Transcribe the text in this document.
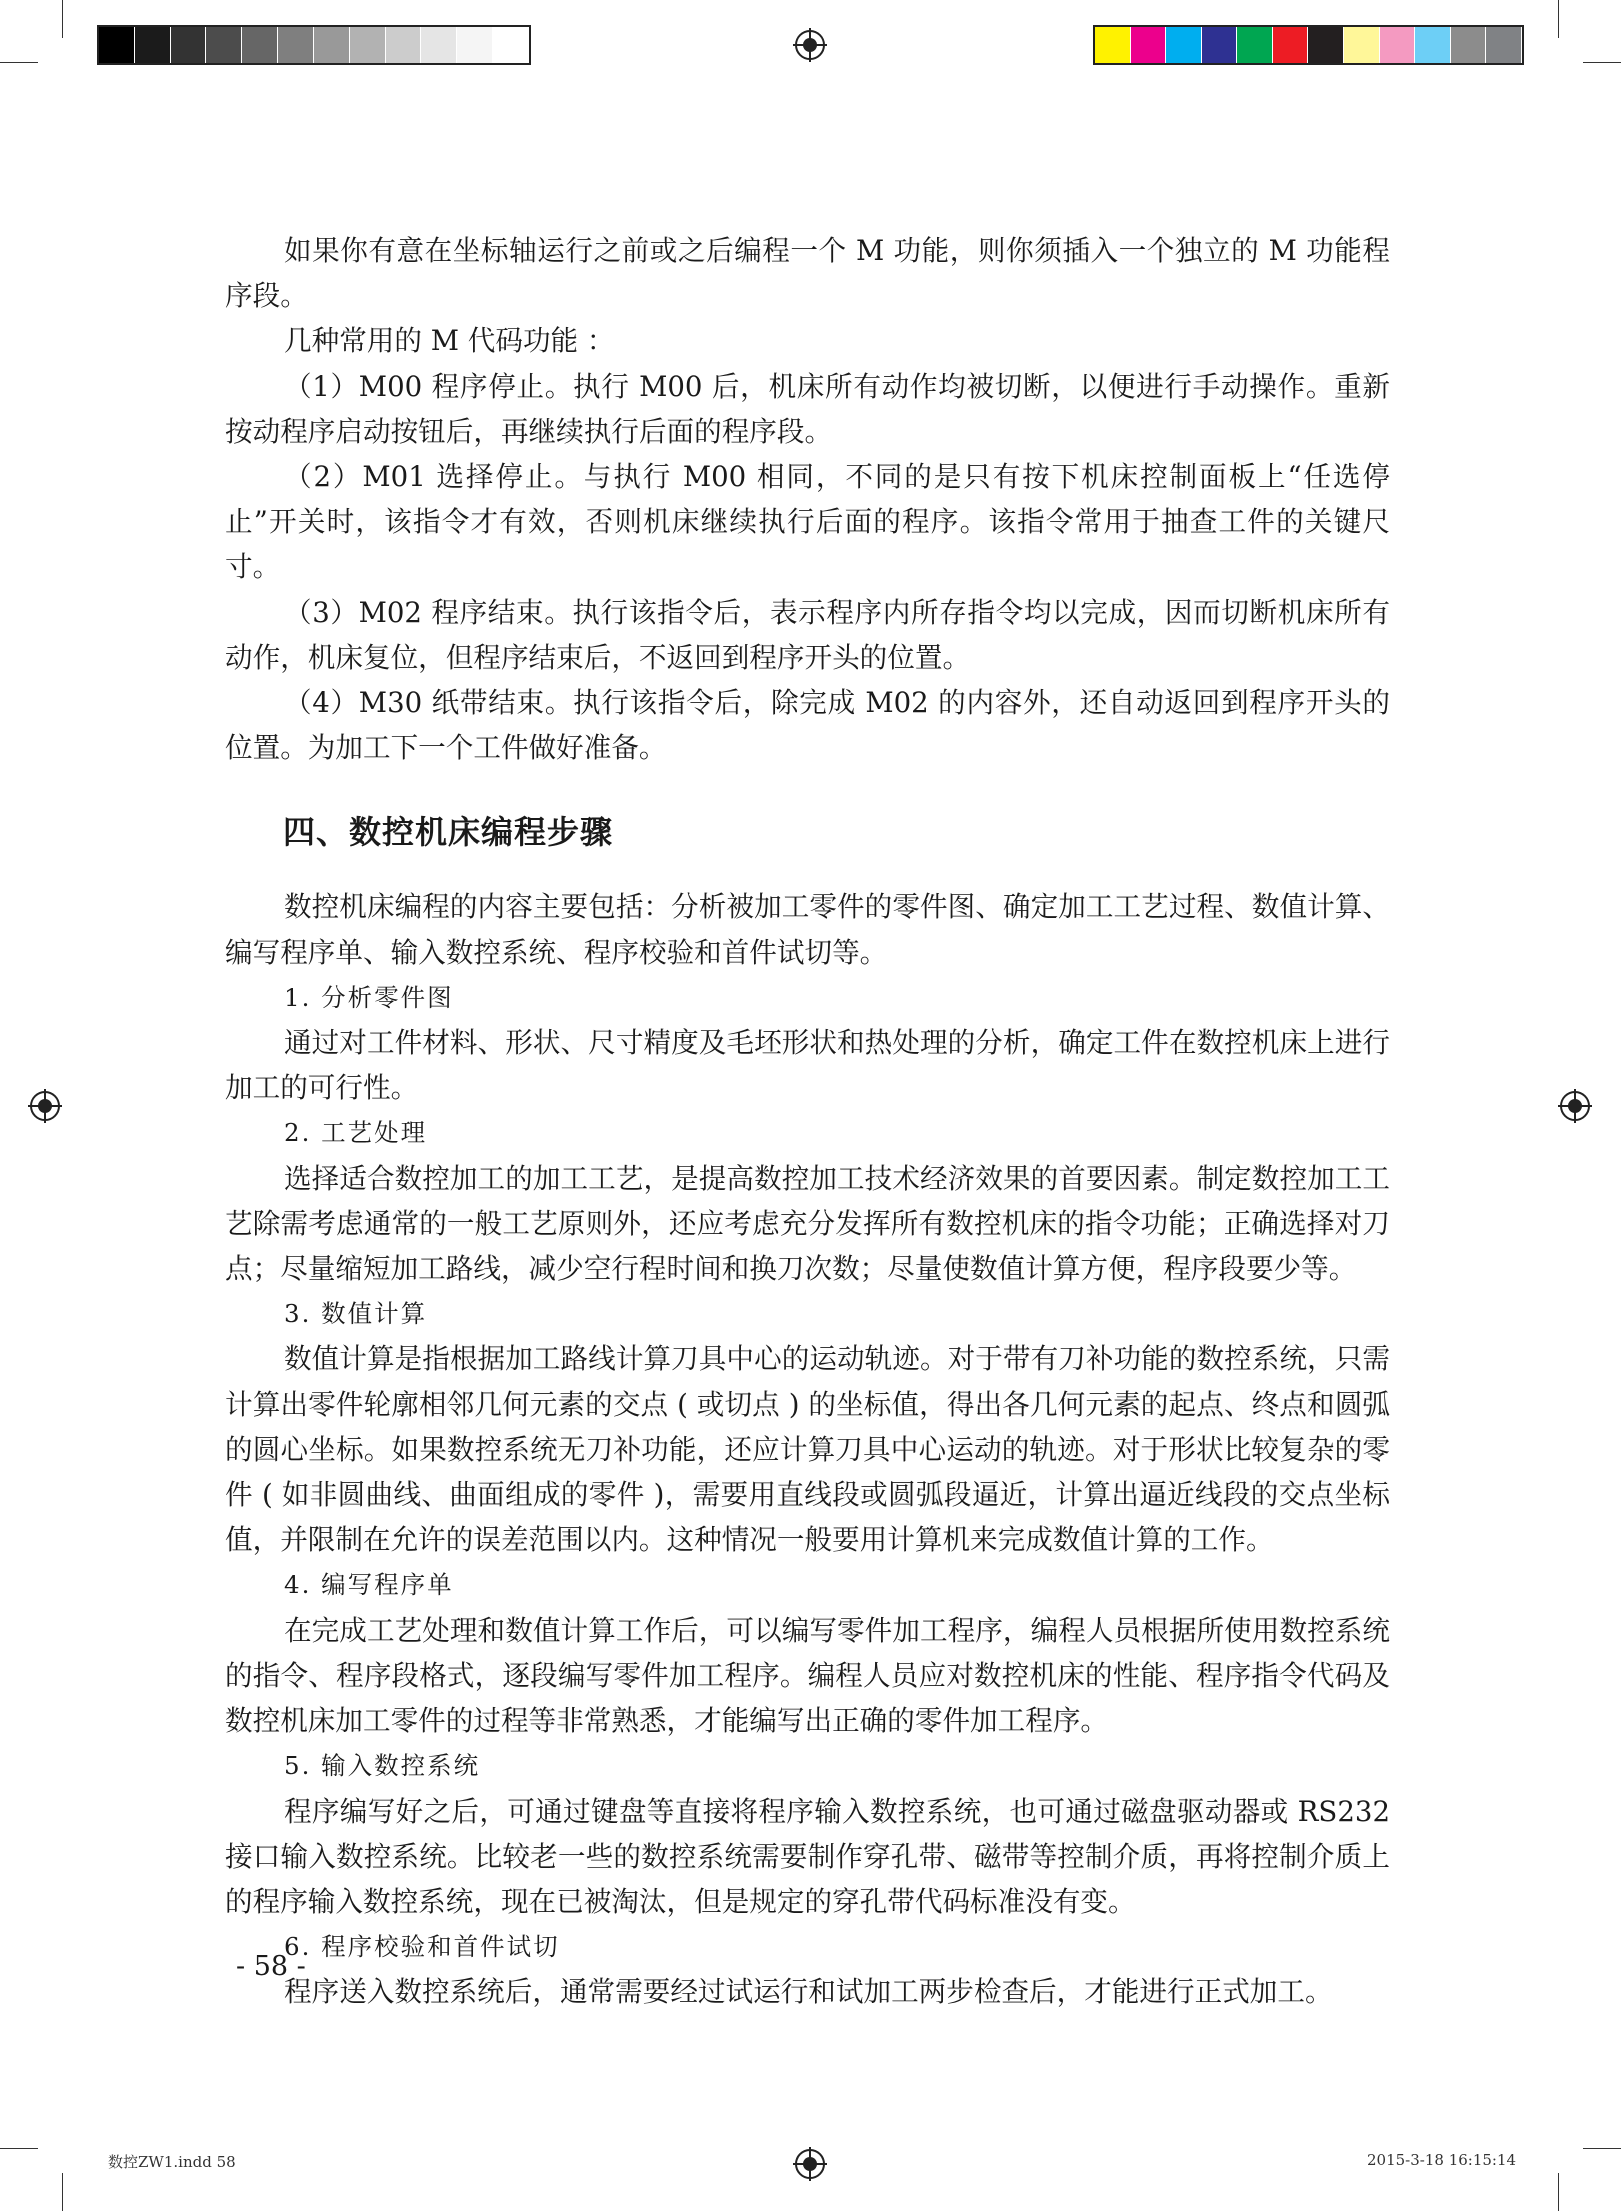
如果你有意在坐标轴运行之前或之后编程一个 M 功能，则你须插入一个独立的 M 功能程序段。

几种常用的 M 代码功能 ：

（1）M00 程序停止。执行 M00 后，机床所有动作均被切断，以便进行手动操作。重新按动程序启动按钮后，再继续执行后面的程序段。

（2）M01 选择停止。与执行 M00 相同，不同的是只有按下机床控制面板上“任选停止”开关时，该指令才有效，否则机床继续执行后面的程序。该指令常用于抽查工件的关键尺寸。

（3）M02 程序结束。执行该指令后，表示程序内所存指令均以完成，因而切断机床所有动作，机床复位，但程序结束后，不返回到程序开头的位置。

（4）M30 纸带结束。执行该指令后，除完成 M02 的内容外，还自动返回到程序开头的位置。为加工下一个工件做好准备。

四、数控机床编程步骤

数控机床编程的内容主要包括：分析被加工零件的零件图、确定加工工艺过程、数值计算、编写程序单、输入数控系统、程序校验和首件试切等。

1. 分析零件图

通过对工件材料、形状、尺寸精度及毛坯形状和热处理的分析，确定工件在数控机床上进行加工的可行性。

2. 工艺处理

选择适合数控加工的加工工艺，是提高数控加工技术经济效果的首要因素。制定数控加工工艺除需考虑通常的一般工艺原则外，还应考虑充分发挥所有数控机床的指令功能；正确选择对刀点；尽量缩短加工路线，减少空行程时间和换刀次数；尽量使数值计算方便，程序段要少等。

3. 数值计算

数值计算是指根据加工路线计算刀具中心的运动轨迹。对于带有刀补功能的数控系统，只需计算出零件轮廓相邻几何元素的交点 ( 或切点 ) 的坐标值，得出各几何元素的起点、终点和圆弧的圆心坐标。如果数控系统无刀补功能，还应计算刀具中心运动的轨迹。对于形状比较复杂的零件 ( 如非圆曲线、曲面组成的零件 )，需要用直线段或圆弧段逼近，计算出逼近线段的交点坐标值，并限制在允许的误差范围以内。这种情况一般要用计算机来完成数值计算的工作。

4. 编写程序单

在完成工艺处理和数值计算工作后，可以编写零件加工程序，编程人员根据所使用数控系统的指令、程序段格式，逐段编写零件加工程序。编程人员应对数控机床的性能、程序指令代码及数控机床加工零件的过程等非常熟悉，才能编写出正确的零件加工程序。

5. 输入数控系统

程序编写好之后，可通过键盘等直接将程序输入数控系统，也可通过磁盘驱动器或 RS232 接口输入数控系统。比较老一些的数控系统需要制作穿孔带、磁带等控制介质，再将控制介质上的程序输入数控系统，现在已被淘汰，但是规定的穿孔带代码标准没有变。

6. 程序校验和首件试切

程序送入数控系统后，通常需要经过试运行和试加工两步检查后，才能进行正式加工。

- 58 -
数控ZW1.indd 58	2015-3-18 16:15:14
